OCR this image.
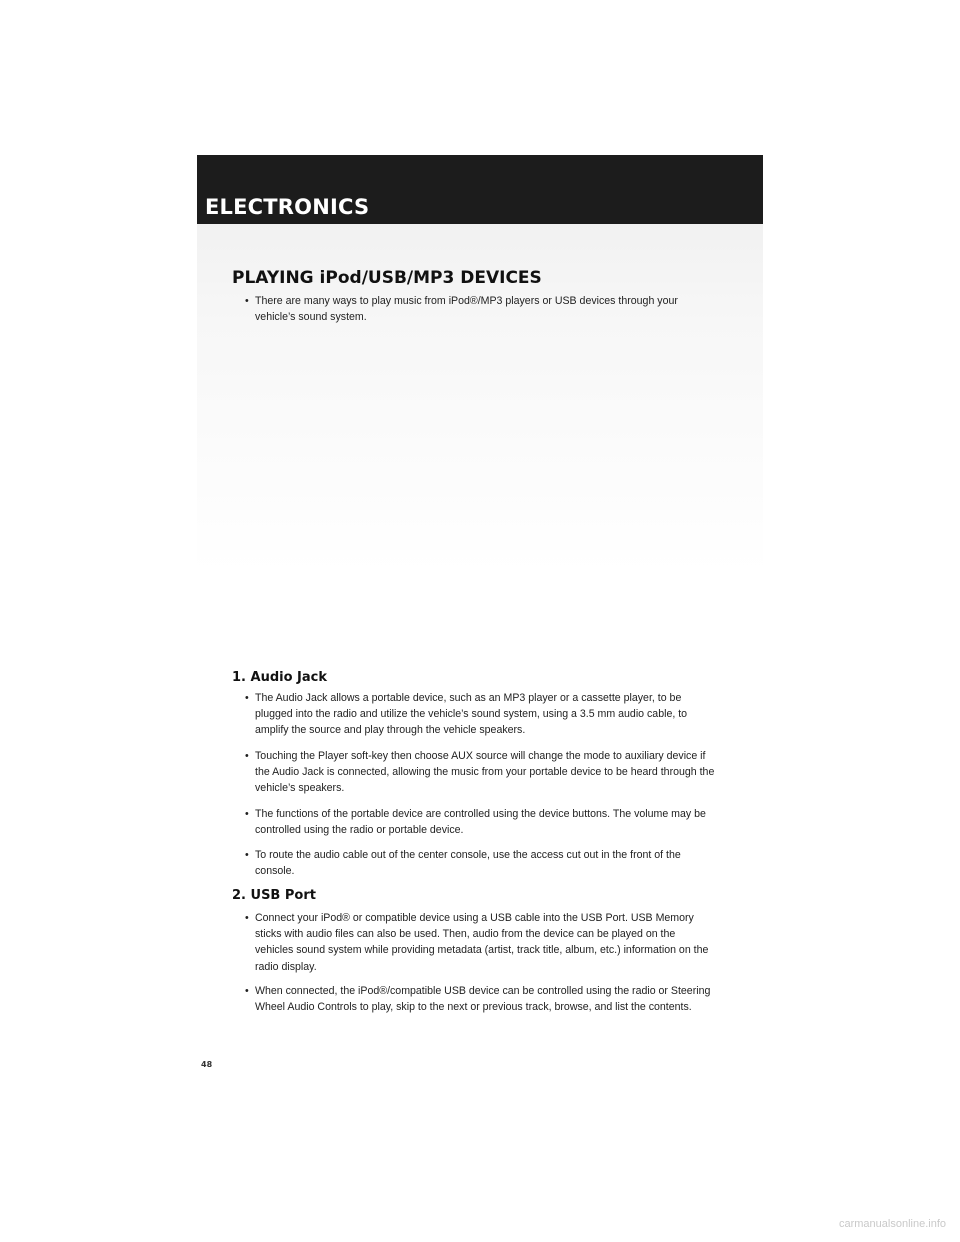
ELECTRONICS
PLAYING iPod/USB/MP3 DEVICES
• There are many ways to play music from iPod®/MP3 players or USB devices through your vehicle’s sound system.
1. Audio Jack
• The Audio Jack allows a portable device, such as an MP3 player or a cassette player, to be plugged into the radio and utilize the vehicle’s sound system, using a 3.5 mm audio cable, to amplify the source and play through the vehicle speakers.
• Touching the Player soft-key then choose AUX source will change the mode to auxiliary device if the Audio Jack is connected, allowing the music from your portable device to be heard through the vehicle’s speakers.
• The functions of the portable device are controlled using the device buttons. The volume may be controlled using the radio or portable device.
• To route the audio cable out of the center console, use the access cut out in the front of the console.
2. USB Port
• Connect your iPod® or compatible device using a USB cable into the USB Port. USB Memory sticks with audio files can also be used. Then, audio from the device can be played on the vehicles sound system while providing metadata (artist, track title, album, etc.) information on the radio display.
• When connected, the iPod®/compatible USB device can be controlled using the radio or Steering Wheel Audio Controls to play, skip to the next or previous track, browse, and list the contents.
48
carmanualsonline.info
